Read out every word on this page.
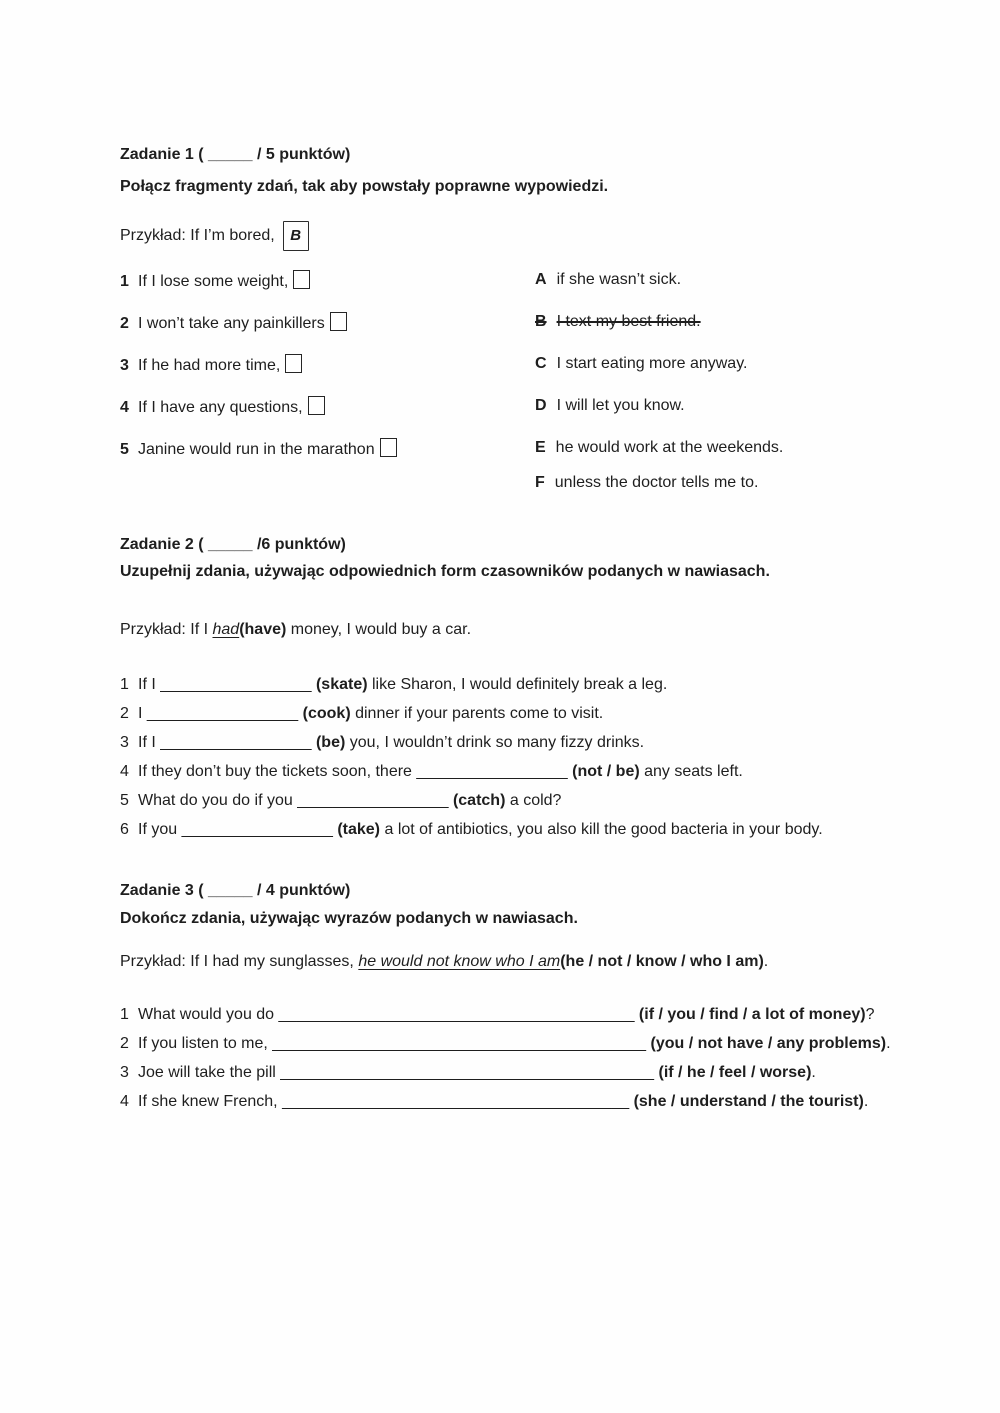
Zadanie 1 ( _____ / 5 punktów)
Połącz fragmenty zdań, tak aby powstały poprawne wypowiedzi.
Przykład: If I’m bored, B
1 If I lose some weight,
2 I won’t take any painkillers
3 If he had more time,
4 If I have any questions,
5 Janine would run in the marathon
A if she wasn’t sick.
B I text my best friend.
C I start eating more anyway.
D I will let you know.
E he would work at the weekends.
F unless the doctor tells me to.
Zadanie 2 ( _____ /6 punktów)
Uzupełnij zdania, używając odpowiednich form czasowników podanych w nawiasach.
Przykład: If I had(have) money, I would buy a car.
1 If I _________________ (skate) like Sharon, I would definitely break a leg.
2 I _________________ (cook) dinner if your parents come to visit.
3 If I _________________ (be) you, I wouldn’t drink so many fizzy drinks.
4 If they don’t buy the tickets soon, there _________________ (not / be) any seats left.
5 What do you do if you _________________ (catch) a cold?
6 If you _________________ (take) a lot of antibiotics, you also kill the good bacteria in your body.
Zadanie 3 ( _____ / 4 punktów)
Dokończ zdania, używając wyrazów podanych w nawiasach.
Przykład: If I had my sunglasses, he would not know who I am(he / not / know / who I am).
1 What would you do ________________________________________ (if / you / find / a lot of money)?
2 If you listen to me, __________________________________________ (you / not have / any problems).
3 Joe will take the pill __________________________________________ (if / he / feel / worse).
4 If she knew French, _______________________________________ (she / understand / the tourist).
